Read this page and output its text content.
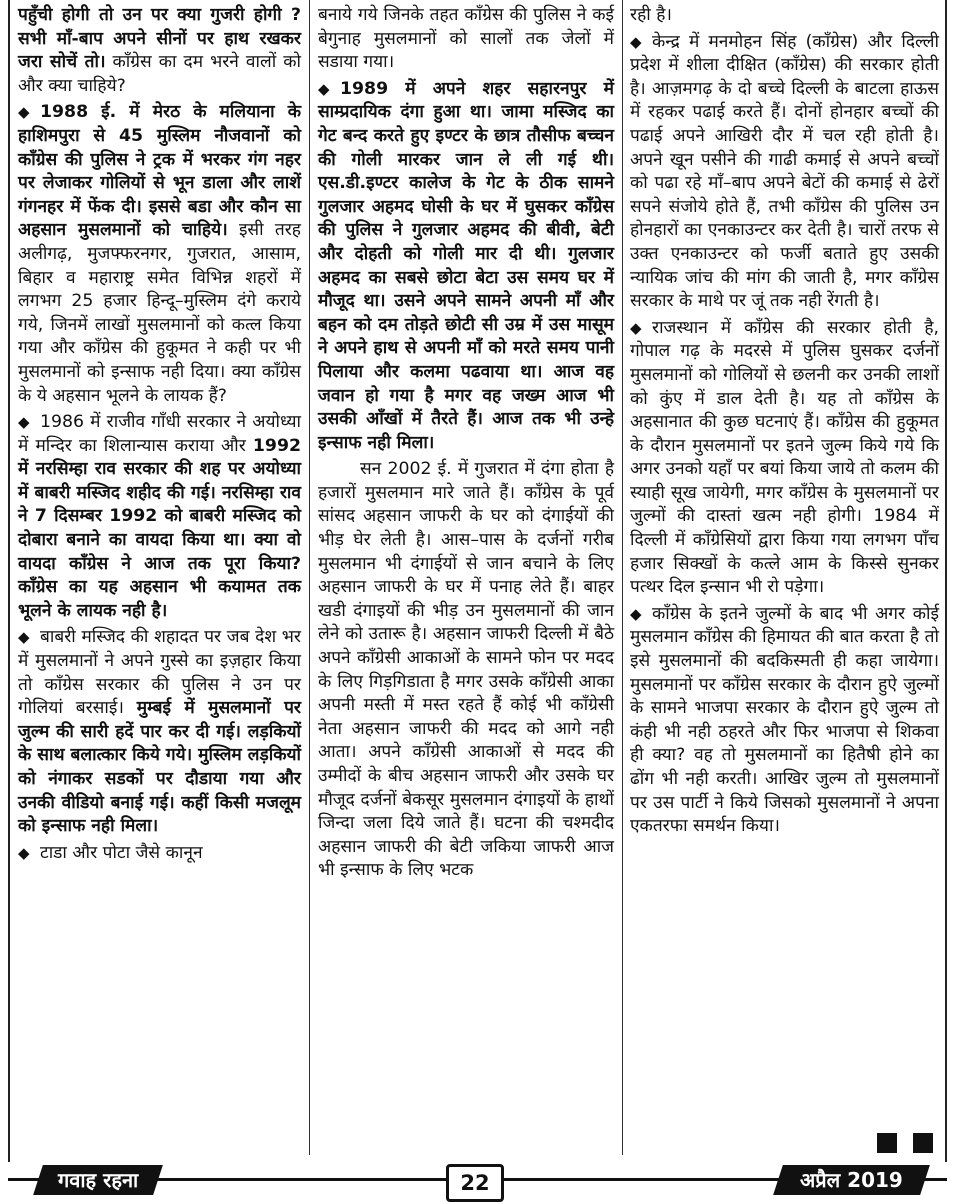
पहुँची होगी तो उन पर क्या गुजरी होगी ? सभी माँ-बाप अपने सीनों पर हाथ रखकर जरा सोचें तो। काँग्रेस का दम भरने वालों को और क्या चाहिये?

◆ 1988 ई. में मेरठ के मलियाना के हाशिमपुरा से 45 मुस्लिम नौजवानों को काँग्रेस की पुलिस ने ट्रक में भरकर गंग नहर पर लेजाकर गोलियों से भून डाला और लाशें गंगनहर में फेंक दी। इससे बडा और कौन सा अहसान मुसलमानों को चाहिये। इसी तरह अलीगढ़, मुजफ्फरनगर, गुजरात, आसाम, बिहार व महाराष्ट्र समेत विभिन्न शहरों में लगभग 25 हजार हिन्दू–मुस्लिम दंगे कराये गये, जिनमें लाखों मुसलमानों को कत्ल किया गया और काँग्रेस की हुकूमत ने कही पर भी मुसलमानों को इन्साफ नही दिया। क्या काँग्रेस के ये अहसान भूलने के लायक हैं?

◆ 1986 में राजीव गाँधी सरकार ने अयोध्या में मन्दिर का शिलान्यास कराया और 1992 में नरसिम्हा राव सरकार की शह पर अयोध्या में बाबरी मस्जिद शहीद की गई। नरसिम्हा राव ने 7 दिसम्बर 1992 को बाबरी मस्जिद को दोबारा बनाने का वायदा किया था। क्या वो वायदा काँग्रेस ने आज तक पूरा किया? काँग्रेस का यह अहसान भी कयामत तक भूलने के लायक नही है।

◆ बाबरी मस्जिद की शहादत पर जब देश भर में मुसलमानों ने अपने गुस्से का इज़हार किया तो काँग्रेस सरकार की पुलिस ने उन पर गोलियां बरसाई। मुम्बई में मुसलमानों पर जुल्म की सारी हदें पार कर दी गई। लड़कियों के साथ बलात्कार किये गये। मुस्लिम लड़कियों को नंगाकर सडकों पर दौडाया गया और उनकी वीडियो बनाई गई। कहीं किसी मजलूम को इन्साफ नही मिला।

◆ टाडा और पोटा जैसे कानून

बनाये गये जिनके तहत काँग्रेस की पुलिस ने कई बेगुनाह मुसलमानों को सालों तक जेलों में सडाया गया।

◆ 1989 में अपने शहर सहारनपुर में साम्प्रदायिक दंगा हुआ था। जामा मस्जिद का गेट बन्द करते हुए इण्टर के छात्र तौसीफ बच्चन की गोली मारकर जान ले ली गई थी। एस.डी.इण्टर कालेज के गेट के ठीक सामने गुलजार अहमद घोसी के घर में घुसकर काँग्रेस की पुलिस ने गुलजार अहमद की बीवी, बेटी और दोहती को गोली मार दी थी। गुलजार अहमद का सबसे छोटा बेटा उस समय घर में मौजूद था। उसने अपने सामने अपनी माँ और बहन को दम तोड़ते छोटी सी उम्र में उस मासूम ने अपने हाथ से अपनी माँ को मरते समय पानी पिलाया और कलमा पढवाया था। आज वह जवान हो गया है मगर वह जख्म आज भी उसकी आँखों में तैरते हैं। आज तक भी उन्हे इन्साफ नही मिला।

सन 2002 ई. में गुजरात में दंगा होता है हजारों मुसलमान मारे जाते हैं। काँग्रेस के पूर्व सांसद अहसान जाफरी के घर को दंगाईयों की भीड़ घेर लेती है। आस–पास के दर्जनों गरीब मुसलमान भी दंगाईयों से जान बचाने के लिए अहसान जाफरी के घर में पनाह लेते हैं। बाहर खडी दंगाइयों की भीड़ उन मुसलमानों की जान लेने को उतारू है। अहसान जाफरी दिल्ली में बैठे अपने काँग्रेसी आकाओं के सामने फोन पर मदद के लिए गिड़गिडाता है मगर उसके काँग्रेसी आका अपनी मस्ती में मस्त रहते हैं कोई भी काँग्रेसी नेता अहसान जाफरी की मदद को आगे नही आता। अपने काँग्रेसी आकाओं से मदद की उम्मीदों के बीच अहसान जाफरी और उसके घर मौजूद दर्जनों बेकसूर मुसलमान दंगाइयों के हाथों जिन्दा जला दिये जाते हैं। घटना की चश्मदीद अहसान जाफरी की बेटी जकिया जाफरी आज भी इन्साफ के लिए भटक

रही है।

◆ केन्द्र में मनमोहन सिंह (काँग्रेस) और दिल्ली प्रदेश में शीला दीक्षित (काँग्रेस) की सरकार होती है। आज़मगढ़ के दो बच्चे दिल्ली के बाटला हाऊस में रहकर पढाई करते हैं। दोनों होनहार बच्चों की पढाई अपने आखिरी दौर में चल रही होती है। अपने खून पसीने की गाढी कमाई से अपने बच्चों को पढा रहे माँ–बाप अपने बेटों की कमाई से ढेरों सपने संजोये होते हैं, तभी काँग्रेस की पुलिस उन होनहारों का एनकाउन्टर कर देती है। चारों तरफ से उक्त एनकाउन्टर को फर्जी बताते हुए उसकी न्यायिक जांच की मांग की जाती है, मगर काँग्रेस सरकार के माथे पर जूं तक नही रेंगती है।

◆ राजस्थान में काँग्रेस की सरकार होती है, गोपाल गढ़ के मदरसे में पुलिस घुसकर दर्जनों मुसलमानों को गोलियों से छलनी कर उनकी लाशों को कुंए में डाल देती है। यह तो काँग्रेस के अहसानात की कुछ घटनाएं हैं। काँग्रेस की हुकूमत के दौरान मुसलमानों पर इतने जुल्म किये गये कि अगर उनको यहाँ पर बयां किया जाये तो कलम की स्याही सूख जायेगी, मगर काँग्रेस के मुसलमानों पर जुल्मों की दास्तां खत्म नही होगी। 1984 में दिल्ली में काँग्रेसियों द्वारा किया गया लगभग पाँच हजार सिक्खों के कत्ले आम के किस्से सुनकर पत्थर दिल इन्सान भी रो पड़ेगा।

◆ काँग्रेस के इतने जुल्मों के बाद भी अगर कोई मुसलमान काँग्रेस की हिमायत की बात करता है तो इसे मुसलमानों की बदकिस्मती ही कहा जायेगा। मुसलमानों पर काँग्रेस सरकार के दौरान हुऐ जुल्मों के सामने भाजपा सरकार के दौरान हुऐ जुल्म तो कंही भी नही ठहरते और फिर भाजपा से शिकवा ही क्या? वह तो मुसलमानों का हितैषी होने का ढोंग भी नही करती। आखिर जुल्म तो मुसलमानों पर उस पार्टी ने किये जिसको मुसलमानों ने अपना एकतरफा समर्थन किया।

गवाह रहना	22	अप्रैल 2019
